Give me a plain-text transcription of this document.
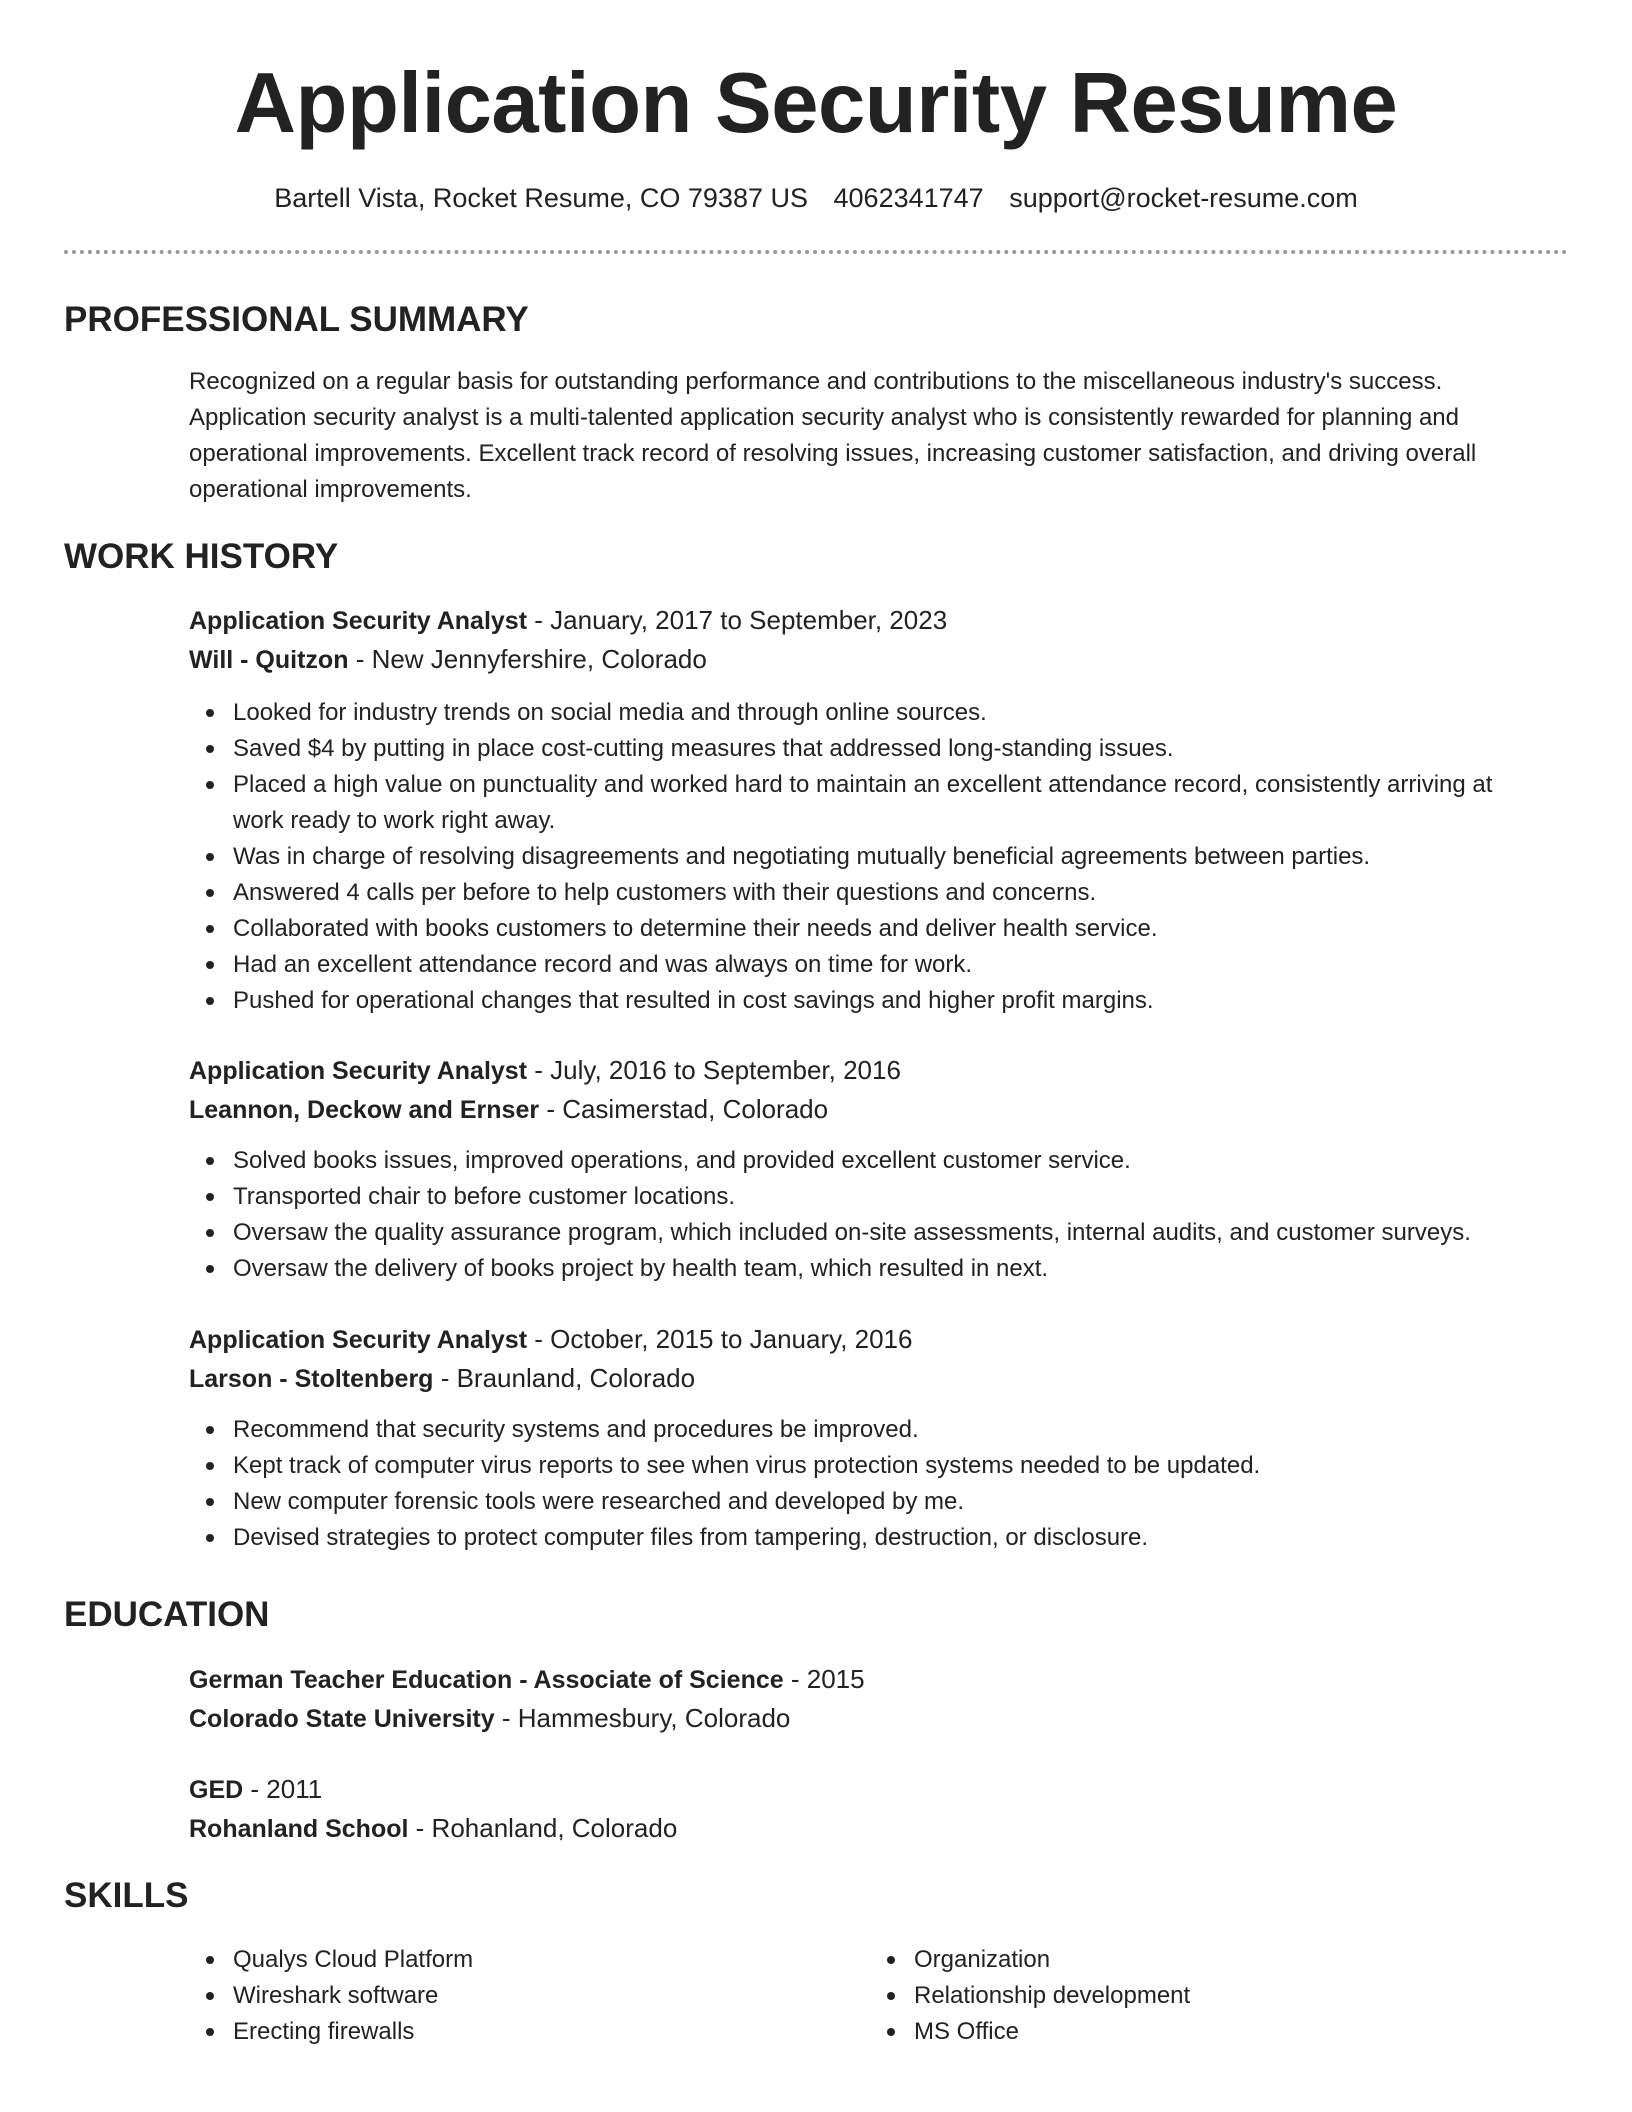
Application Security Resume
Bartell Vista, Rocket Resume, CO 79387 US 4062341747 support@rocket-resume.com
PROFESSIONAL SUMMARY

Recognized on a regular basis for outstanding performance and contributions to the miscellaneous industry's success. Application security analyst is a multi-talented application security analyst who is consistently rewarded for planning and operational improvements. Excellent track record of resolving issues, increasing customer satisfaction, and driving overall operational improvements.

WORK HISTORY

Application Security Analyst - January, 2017 to September, 2023

Will - Quitzon - New Jennyfershire, Colorado

Looked for industry trends on social media and through online sources.
Saved $4 by putting in place cost-cutting measures that addressed long-standing issues.
Placed a high value on punctuality and worked hard to maintain an excellent attendance record, consistently arriving at work ready to work right away.
Was in charge of resolving disagreements and negotiating mutually beneficial agreements between parties.
Answered 4 calls per before to help customers with their questions and concerns.
Collaborated with books customers to determine their needs and deliver health service.
Had an excellent attendance record and was always on time for work.
Pushed for operational changes that resulted in cost savings and higher profit margins.

Application Security Analyst - July, 2016 to September, 2016

Leannon, Deckow and Ernser - Casimerstad, Colorado

Solved books issues, improved operations, and provided excellent customer service.
Transported chair to before customer locations.
Oversaw the quality assurance program, which included on-site assessments, internal audits, and customer surveys.
Oversaw the delivery of books project by health team, which resulted in next.

Application Security Analyst - October, 2015 to January, 2016

Larson - Stoltenberg - Braunland, Colorado

Recommend that security systems and procedures be improved.
Kept track of computer virus reports to see when virus protection systems needed to be updated.
New computer forensic tools were researched and developed by me.
Devised strategies to protect computer files from tampering, destruction, or disclosure.
EDUCATION

German Teacher Education - Associate of Science - 2015

Colorado State University - Hammesbury, Colorado

GED - 2011

Rohanland School - Rohanland, Colorado

SKILLS
Qualys Cloud Platform
Wireshark software
Erecting firewalls
Organization
Relationship development
MS Office
